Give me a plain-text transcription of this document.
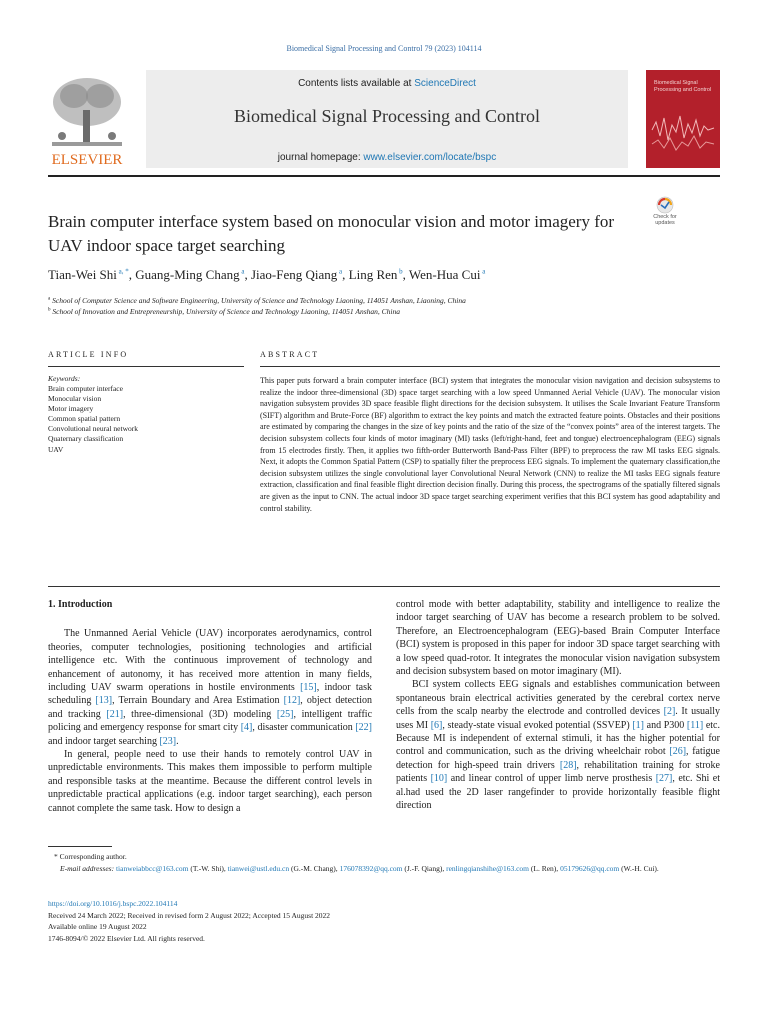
Biomedical Signal Processing and Control 79 (2023) 104114
ELSEVIER
Contents lists available at ScienceDirect
Biomedical Signal Processing and Control
journal homepage: www.elsevier.com/locate/bspc
Biomedical Signal Processing and Control
Brain computer interface system based on monocular vision and motor imagery for UAV indoor space target searching
Check for updates
Tian-Wei Shi $^{a, *}$, Guang-Ming Chang $^a$, Jiao-Feng Qiang $^a$, Ling Ren $^b$, Wen-Hua Cui $^a$
$^a$ School of Computer Science and Software Engineering, University of Science and Technology Liaoning, 114051 Anshan, Liaoning, China
$^b$ School of Innovation and Entrepreneurship, University of Science and Technology Liaoning, 114051 Anshan, China
ARTICLE INFO	ABSTRACT
Keywords:
Brain computer interface
Monocular vision
Motor imagery
Common spatial pattern
Convolutional neural network
Quaternary classification
UAV
This paper puts forward a brain computer interface (BCI) system that integrates the monocular vision navigation and decision subsystems to realize the indoor three-dimensional (3D) space target searching with a low speed Unmanned Aerial Vehicle (UAV). The monocular vision navigation subsystem provides 3D space feasible flight directions for the decision subsystem. It utilises the Scale Invariant Feature Transform (SIFT) algorithm and Brute-Force (BF) algorithm to extract the key points and match the extracted feature points. Obstacles and their positions are estimated by comparing the changes in the size of key points and the ratio of the size of the “convex points” area of the interest targets. The decision subsystem collects four kinds of motor imaginary (MI) tasks (left/right-hand, feet and tongue) electroencephalogram (EEG) signals from 15 electrodes firstly. Then, it applies two fifth-order Butterworth Band-Pass Filter (BPF) to preprocess the raw MI tasks EEG signals. Next, it adopts the Common Spatial Pattern (CSP) to spatially filter the preprocess EEG signals. To implement the quaternary classification,the decision subsystem utilizes the single convolutional layer Convolutional Neural Network (CNN) to realize the MI tasks EEG signals feature extraction, classification and final feasible flight direction decision finally. During this process, the spectrograms of the spatially filtered signals are given as the input to CNN. The actual indoor 3D space target searching experiment verifies that this BCI system has good adaptability and control stability.
1. Introduction

The Unmanned Aerial Vehicle (UAV) incorporates aerodynamics, control theories, computer technologies, positioning technologies and artificial intelligence etc. With the continuous improvement of technology and enhancement of autonomy, it has received more attention in many fields, including UAV swarm operations in hostile environments [15], indoor task scheduling [13], Terrain Boundary and Area Estimation [12], object detection and tracking [21], three-dimensional (3D) modeling [25], intelligent traffic policing and emergency response for smart city [4], disaster communication [22] and indoor target searching [23].

In general, people need to use their hands to remotely control UAV in unpredictable environments. This makes them impossible to perform multiple and responsible tasks at the meantime. Because the different control levels in unpredictable practical applications (e.g. indoor target searching), each person cannot complete the same task. How to design a

control mode with better adaptability, stability and intelligence to realize the indoor target searching of UAV has become a research problem to be solved. Therefore, an Electroencephalogram (EEG)-based Brain Computer Interface (BCI) system is proposed in this paper for indoor 3D space target searching with a low speed quad-rotor. It integrates the monocular vision navigation subsystem and decision subsystem based on motor imaginary (MI).

BCI system collects EEG signals and establishes communication between spontaneous brain electrical activities generated by the cerebral cortex nerve cells from the scalp nearby the electrode and controlled devices [2]. It usually uses MI [6], steady-state visual evoked potential (SSVEP) [1] and P300 [11] etc. Because MI is independent of external stimuli, it has the higher potential for control and communication, such as the driving wheelchair robot [26], fatigue detection for high-speed train drivers [28], rehabilitation training for stroke patients [10] and linear control of upper limb nerve prosthesis [27], etc. Shi et al.had used the 2D laser rangefinder to provide horizontally feasible flight direction

* Corresponding author.
E-mail addresses: tianweiabbcc@163.com (T.-W. Shi), tianwei@ustl.edu.cn (G.-M. Chang), 176078392@qq.com (J.-F. Qiang), renlingqianshihe@163.com (L. Ren), 05179626@qq.com (W.-H. Cui).
https://doi.org/10.1016/j.bspc.2022.104114
Received 24 March 2022; Received in revised form 2 August 2022; Accepted 15 August 2022
Available online 19 August 2022
1746-8094/© 2022 Elsevier Ltd. All rights reserved.
